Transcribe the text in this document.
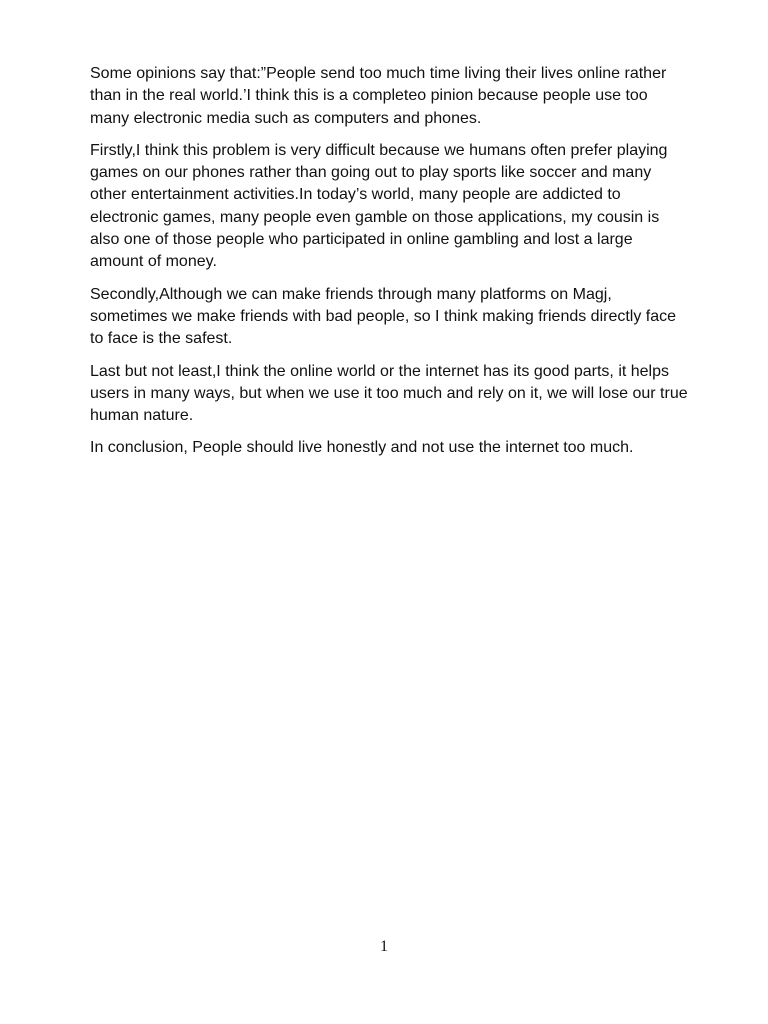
Some opinions say that:”People send too much time living their lives online rather than in the real world.’I think this is a completeo pinion because people use too many electronic media such as computers and phones.

Firstly,I think this problem is very difficult because we humans often prefer playing games on our phones rather than going out to play sports like soccer and many other entertainment activities.In today’s world, many people are addicted to electronic games, many people even gamble on those applications, my cousin is also one of those people who participated in online gambling and lost a large amount of money.

Secondly,Although we can make friends through many platforms on Magj, sometimes we make friends with bad people, so I think making friends directly face to face is the safest.

Last but not least,I think the online world or the internet has its good parts, it helps users in many ways, but when we use it too much and rely on it, we will lose our true human nature.

In conclusion, People should live honestly and not use the internet too much.

1
